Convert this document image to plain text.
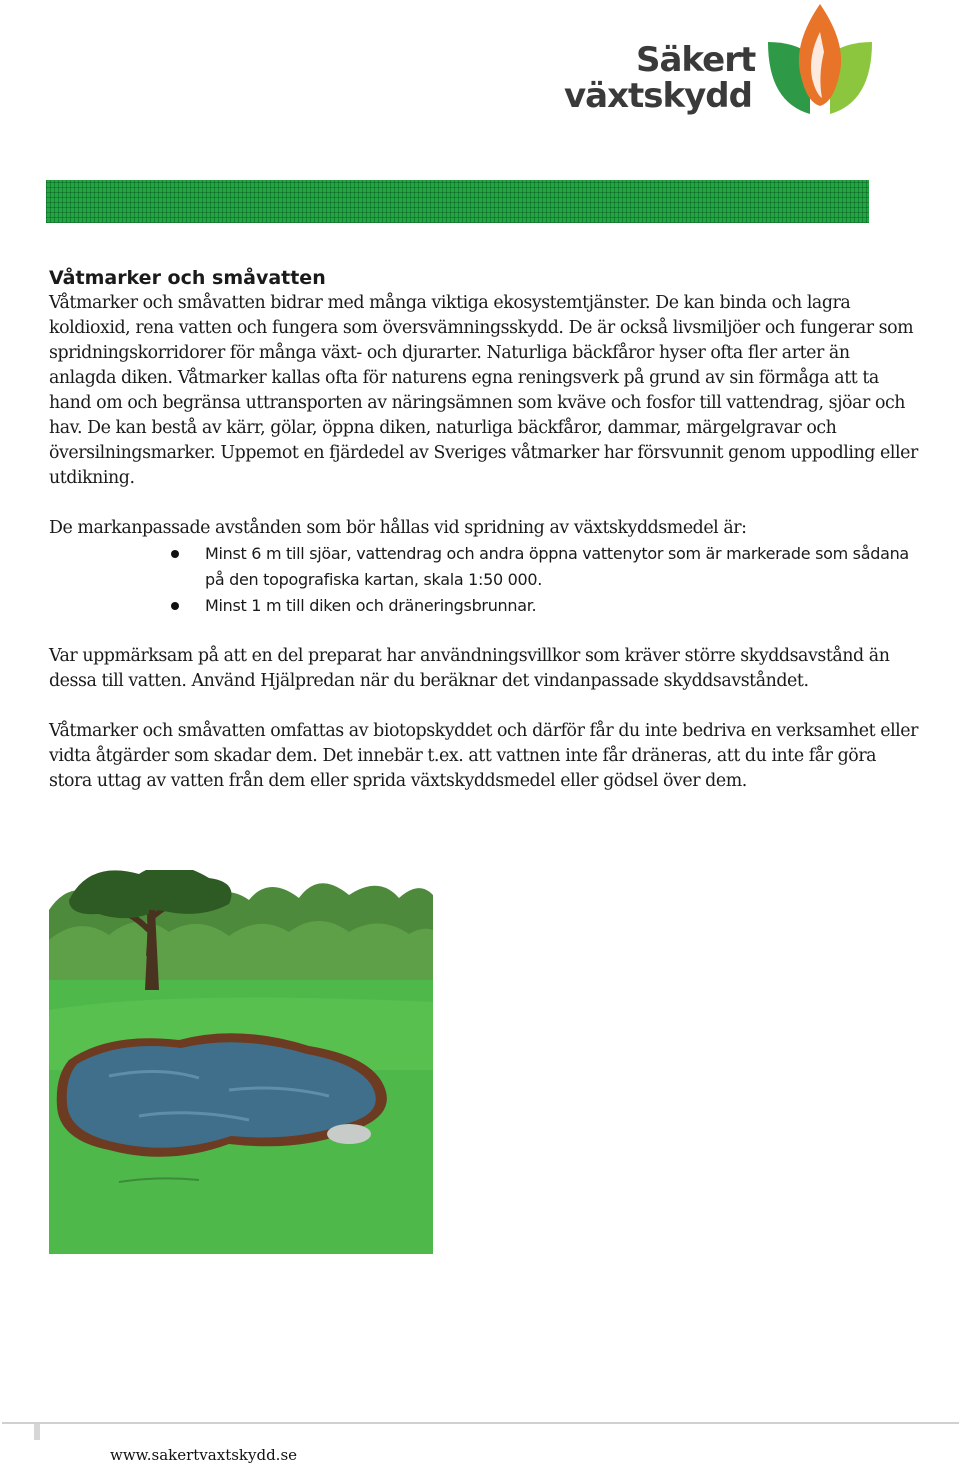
Säkert
växtskydd

Våtmarker och småvatten

Våtmarker och småvatten bidrar med många viktiga ekosystemtjänster. De kan binda och lagra koldioxid, rena vatten och fungera som översvämningsskydd. De är också livsmiljöer och fungerar som spridningskorridorer för många växt- och djurarter. Naturliga bäckfåror hyser ofta fler arter än anlagda diken. Våtmarker kallas ofta för naturens egna reningsverk på grund av sin förmåga att ta hand om och begränsa uttransporten av näringsämnen som kväve och fosfor till vattendrag, sjöar och hav. De kan bestå av kärr, gölar, öppna diken, naturliga bäckfåror, dammar, märgelgravar och översilningsmarker. Uppemot en fjärdedel av Sveriges våtmarker har försvunnit genom uppodling eller utdikning.

De markanpassade avstånden som bör hållas vid spridning av växtskyddsmedel är:

Minst 6 m till sjöar, vattendrag och andra öppna vattenytor som är markerade som sådana på den topografiska kartan, skala 1:50 000.
Minst 1 m till diken och dräneringsbrunnar.

Var uppmärksam på att en del preparat har användningsvillkor som kräver större skyddsavstånd än dessa till vatten. Använd Hjälpredan när du beräknar det vindanpassade skyddsavståndet.

Våtmarker och småvatten omfattas av biotopskyddet och därför får du inte bedriva en verksamhet eller vidta åtgärder som skadar dem. Det innebär t.ex. att vattnen inte får dräneras, att du inte får göra stora uttag av vatten från dem eller sprida växtskyddsmedel eller gödsel över dem.

www.sakertvaxtskydd.se
